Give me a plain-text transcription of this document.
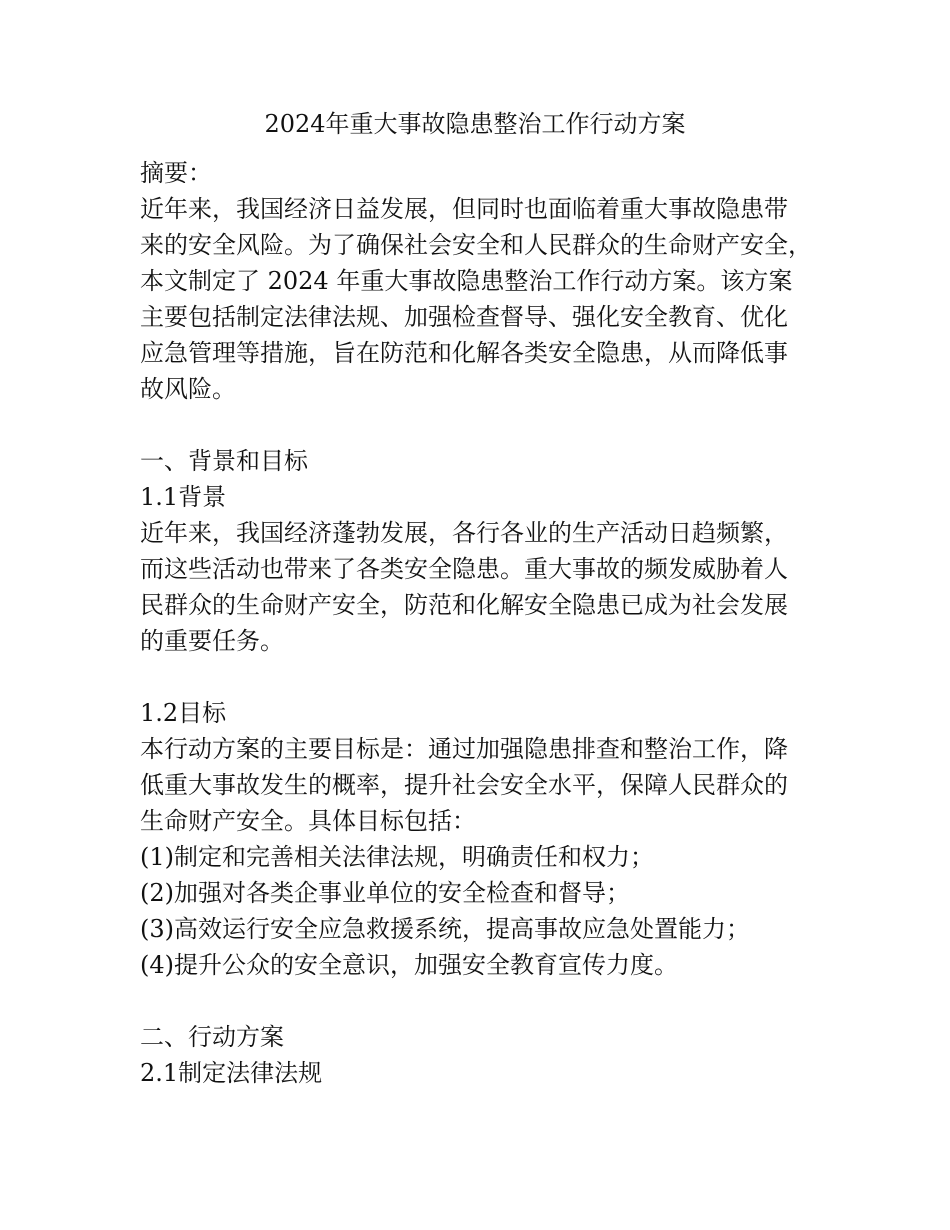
2024年重大事故隐患整治工作行动方案
摘要：
近年来，我国经济日益发展，但同时也面临着重大事故隐患带
来的安全风险。为了确保社会安全和人民群众的生命财产安全，
本文制定了 2024 年重大事故隐患整治工作行动方案。该方案
主要包括制定法律法规、加强检查督导、强化安全教育、优化
应急管理等措施，旨在防范和化解各类安全隐患，从而降低事
故风险。
一、背景和目标
1.1背景
近年来，我国经济蓬勃发展，各行各业的生产活动日趋频繁，
而这些活动也带来了各类安全隐患。重大事故的频发威胁着人
民群众的生命财产安全，防范和化解安全隐患已成为社会发展
的重要任务。
1.2目标
本行动方案的主要目标是：通过加强隐患排查和整治工作，降
低重大事故发生的概率，提升社会安全水平，保障人民群众的
生命财产安全。具体目标包括：
(1)制定和完善相关法律法规，明确责任和权力；
(2)加强对各类企事业单位的安全检查和督导；
(3)高效运行安全应急救援系统，提高事故应急处置能力；
(4)提升公众的安全意识，加强安全教育宣传力度。
二、行动方案
2.1制定法律法规
